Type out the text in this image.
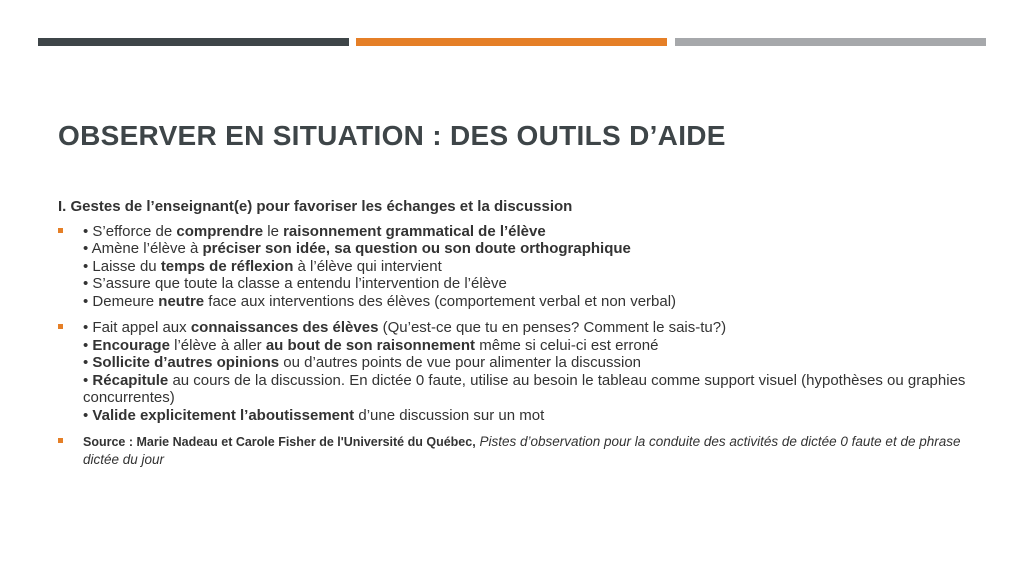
OBSERVER EN SITUATION : DES OUTILS D’AIDE

I. Gestes de l’enseignant(e) pour favoriser les échanges et la discussion

• S’efforce de comprendre le raisonnement grammatical de l’élève
• Amène l’élève à préciser son idée, sa question ou son doute orthographique
• Laisse du temps de réflexion à l’élève qui intervient
• S’assure que toute la classe a entendu l’intervention de l’élève
• Demeure neutre face aux interventions des élèves (comportement verbal et non verbal)
• Fait appel aux connaissances des élèves (Qu’est-ce que tu en penses? Comment le sais-tu?)
• Encourage l’élève à aller au bout de son raisonnement même si celui-ci est erroné
• Sollicite d’autres opinions ou d’autres points de vue pour alimenter la discussion
• Récapitule au cours de la discussion. En dictée 0 faute, utilise au besoin le tableau comme support visuel (hypothèses ou graphies concurrentes)
• Valide explicitement l’aboutissement d’une discussion sur un mot
Source : Marie Nadeau et Carole Fisher de l'Université du Québec, Pistes d’observation pour la conduite des activités de dictée 0 faute et de phrase dictée du jour
